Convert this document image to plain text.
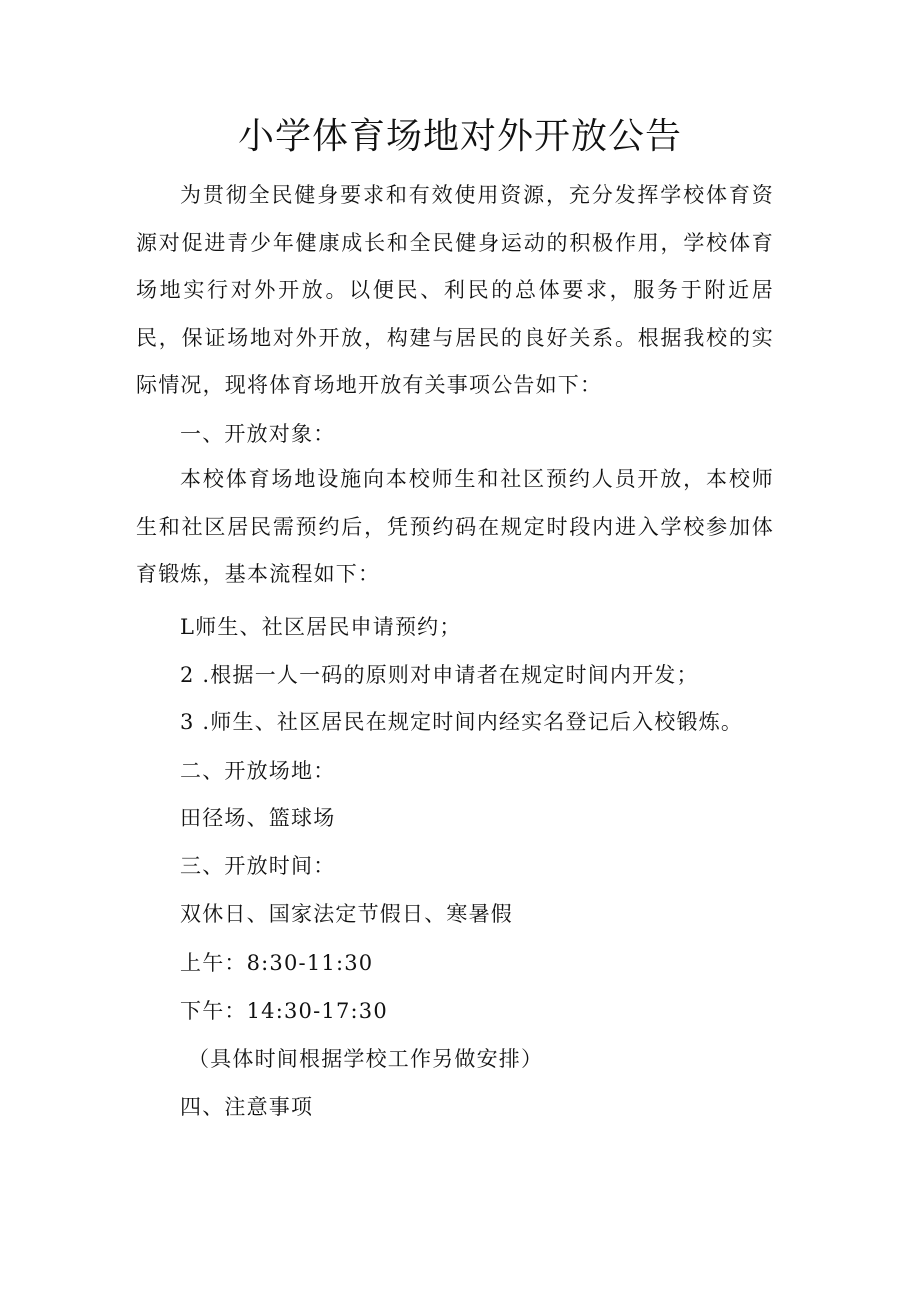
小学体育场地对外开放公告
为贯彻全民健身要求和有效使用资源，充分发挥学校体育资源对促进青少年健康成长和全民健身运动的积极作用，学校体育场地实行对外开放。以便民、利民的总体要求，服务于附近居民，保证场地对外开放，构建与居民的良好关系。根据我校的实际情况，现将体育场地开放有关事项公告如下：
一、开放对象：
本校体育场地设施向本校师生和社区预约人员开放，本校师生和社区居民需预约后，凭预约码在规定时段内进入学校参加体育锻炼，基本流程如下：
L师生、社区居民申请预约；
2 .根据一人一码的原则对申请者在规定时间内开发；
3 .师生、社区居民在规定时间内经实名登记后入校锻炼。
二、开放场地：
田径场、篮球场
三、开放时间：
双休日、国家法定节假日、寒暑假
上午：8:30-11:30
下午：14:30-17:30
（具体时间根据学校工作另做安排）
四、注意事项
